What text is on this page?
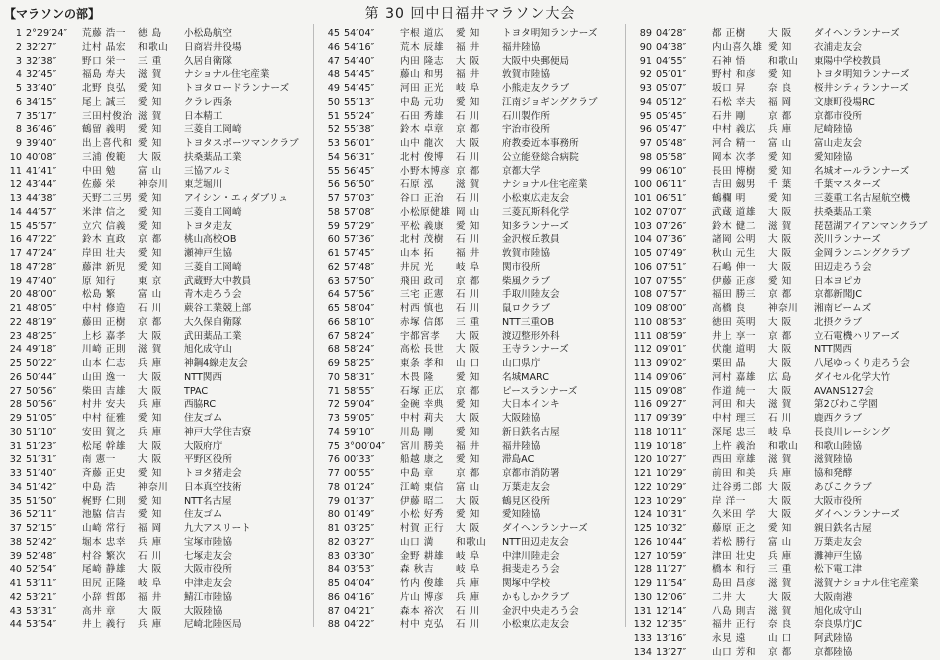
第 30 回中日福井マラソン大会
【マラソンの部】
1 2°29′24″	荒藤 浩一	徳 島	小松島航空
2 32′27″	辻村 晶宏	和歌山	日商岩井役場
3 32′38″	野口 栄一	三 重	久居自衛隊
4 32′45″	福島 寿夫	滋 賀	ナショナル住宅産業
5 33′40″	北野 良弘	愛 知	トヨタロードランナーズ
6 34′15″	尾上 誠三	愛 知	クラレ西条
7 35′17″	三田村俊治 滋 賀	日本精工
8 36′46″	鶴留 義明	愛 知	三菱自工岡崎
9 39′40″	出上喜代和 愛 知	トヨタスポーツマンクラブ
10 40′08″	三浦 俊範	大 阪	扶桑薬品工業
11 41′41″	中田 勉	富 山	三協アルミ
12 43′44″	佐藤 栄	神奈川	東芝堀川
13 44′38″	天野二三男 愛 知	アイシン・エィダブリュ
14 44′57″	米津 信之	愛 知	三菱自工岡崎
15 45′57″	立穴 信義	愛 知	トヨタ走友
16 47′22″	鈴木 直政	京 都	桃山高校OB
17 47′24″	岸田 壮夫	愛 知	瀬神戸生協
18 47′28″	藤津 新児	愛 知	三菱自工岡崎
19 47′40″	原 知行	東 京	武蔵野大中教員
20 48′00″	松島 繁	富 山	青木走ろう会
21 48′05″	中村 修造	石 川	蕨谷工業競上部
22 48′19″	藤田 正樹	京 都	大久保自衛隊
23 48′25″	上杉 嘉孝	大 阪	武田薬品工業
24 49′18″	川崎 正則	滋 賀	旭化成守山
25 50′22″	山本 仁志	兵 庫	神鋼4線走友会
26 50′44″	山田 逸一	大 阪	NTT関西
27 50′56″	柴田 吉雄	大 阪	TPAC
28 50′56″	村井 安夫	兵 庫	西脇RC
29 51′05″	中村 征雅	愛 知	住友ゴム
30 51′10″	安田 賀之	兵 庫	神戸大学住吉寮
31 51′23″	松尾 幹雄	大 阪	大阪府庁
32 51′31″	南 憲一	大 阪	平野区役所
33 51′40″	斉藤 正史	愛 知	トヨタ猪走会
34 51′42″	中島 浩	神奈川	日本真空技術
35 51′50″	梶野 仁則	愛 知	NTT名古屋
36 52′11″	池脇 信吉	愛 知	住友ゴム
37 52′15″	山崎 常行	福 岡	九大アスリート
38 52′42″	堀本 忠幸	兵 庫	宝塚市陸協
39 52′48″	村谷 繁次	石 川	七塚走友会
40 52′54″	尾崎 静雄	大 阪	大阪市役所
41 53′11″	田尻 正隆	岐 阜	中津走友会
42 53′21″	小辞 哲郎	福 井	鯖江市陸協
43 53′31″	高井 章	大 阪	大阪陸協
44 53′54″	井上 義行	兵 庫	尼崎北陸医局
45 54′04″	宇根 道広	愛 知	トヨタ明知ランナーズ
46 54′16″	荒木 辰雄	福 井	福井陸協
47 54′40″	内田 隆志	大 阪	大阪中央郵便局
48 54′45″	藤山 和男	福 井	敦賀市陸協
49 54′45″	河田 正光	岐 阜	小熊走友クラブ
50 55′13″	中島 元功	愛 知	江南ジョギングクラブ
51 55′24″	石田 秀雄	石 川	石川製作所
52 55′38″	鈴木 卓章	京 都	宇治市役所
53 56′01″	山中 龍次	大 阪	府教委近本事務所
54 56′31″	北村 俊博	石 川	公立能登総合病院
55 56′45″	小野木博彦 京 都	京都大学
56 56′50″	石原 泓	滋 賀	ナショナル住宅産業
57 57′03″	谷口 正治	石 川	小松東広走友会
58 57′08″	小松原健雄 岡 山	三菱瓦斯科化学
59 57′29″	平松 義康	愛 知	知多ランナーズ
60 57′36″	北村 茂樹	石 川	金沢桜丘教員
61 57′45″	山本 拓	福 井	敦賀市陸協
62 57′48″	井尻 光	岐 阜	関市役所
63 57′50″	飛田 政司	京 都	柴風クラブ
64 57′56″	三宅 正憲	石 川	手取川陸友会
65 58′04″	村西 慎也	石 川	鼠ロクラブ
66 58′10″	赤塚 信郎	三 重	NTT三重OB
67 58′24″	宇都宮孝	大 阪	渡辺整形外科
68 58′24″	高松 長世	大 阪	王寺ランナーズ
69 58′25″	東条 孝和	山 口	山口県庁
70 58′31″	木畏 隆	愛 知	名城MARC
71 58′55″	石塚 正広	京 都	ピースランナーズ
72 59′04″	金碗 幸典	愛 知	大日本インキ
73 59′05″	中村 莉夫	大 阪	大阪陸協
74 59′10″	川島 剛	愛 知	新日鉄名古屋
75 3°00′04″	宮川 勝美	福 井	福井陸協
76 00′33″	船越 康之	愛 知	滞島AC
77 00′55″	中島 章	京 都	京都市消防署
78 01′24″	江崎 東信	富 山	万葉走友会
79 01′37″	伊藤 昭二	大 阪	鶴見区役所
80 01′49″	小松 好秀	愛 知	愛知陸協
81 03′25″	村賀 正行	大 阪	ダイヘンランナーズ
82 03′27″	山口 満	和歌山	NTT田辺走友会
83 03′30″	金野 耕雄	岐 阜	中津川陸走会
84 03′53″	森 秋吉	岐 阜	揖斐走ろう会
85 04′04″	竹内 俊雄	兵 庫	関塚中学校
86 04′16″	片山 博彦	兵 庫	かもしかクラブ
87 04′21″	森本 裕次	石 川	金沢中央走ろう会
88 04′22″	村中 克弘	石 川	小松東広走友会
89 04′28″	都 正樹	大 阪	ダイヘンランナーズ
90 04′38″	内山喜久雄 愛 知	衣浦走友会
91 04′55″	石神 悟	和歌山	東陽中学校教員
92 05′01″	野村 和彦	愛 知	トヨタ明知ランナーズ
93 05′07″	坂口 昇	奈 良	桜井シティランナーズ
94 05′12″	石松 幸夫	福 岡	文康町役場RC
95 05′45″	石井 剛	京 都	京都市役所
96 05′47″	中村 義広	兵 庫	尼崎陸協
97 05′48″	河合 精一	富 山	富山走友会
98 05′58″	岡本 次孝	愛 知	愛知陸協
99 06′10″	長田 博樹	愛 知	名城オールランナーズ
100 06′11″	吉田 劔男	千 葉	千葉マスターズ
101 06′51″	鶴欄 明	愛 知	三菱重工名古屋航空機
102 07′07″	武蔵 道雄	大 阪	扶桑薬品工業
103 07′26″	鈴木 健二	滋 賀	琵琶湖アイアンマンクラブ
104 07′36″	諸岡 公明	大 阪	茨川ランナーズ
105 07′49″	秋山 元生	大 阪	金岡ランニングクラブ
106 07′51″	石嶋 伸一	大 阪	田辺走ろう会
107 07′55″	伊藤 正彦	愛 知	日本ヨピカ
108 07′57″	福田 勝三	京 都	京都新聞JC
109 08′00″	高橋 良	神奈川	湘南ビームズ
110 08′53″	徳田 英明	大 阪	北摂クラブ
111 08′59″	井上 享一	京 都	立石電機ハリアーズ
112 09′01″	伏龍 道明	大 阪	NTT関西
113 09′02″	栗田 晶	大 阪	八尾ゆっくり走ろう会
114 09′06″	河村 嘉雄	広 島	ダイセル化学大竹
115 09′08″	作道 純一	大 阪	AVANS127会
116 09′27″	河田 和夫	滋 賀	第2びわこ学園
117 09′39″	中村 理三	石 川	鹿西クラブ
118 10′11″	深尾 忠三	岐 阜	長良川レーシング
119 10′18″	上杵 義治	和歌山	和歌山陸協
120 10′27″	西田 章雄	滋 賀	滋賀陸協
121 10′29″	前田 和美	兵 庫	協和発酵
122 10′29″	辻谷勇二郎 大 阪	あびこクラブ
123 10′29″	岸 洋一	大 阪	大阪市役所
124 10′31″	久米田 学	大 阪	ダイヘンランナーズ
125 10′32″	藤原 正之	愛 知	親日鉄名古屋
126 10′44″	若松 勝行	富 山	万葉走友会
127 10′59″	津田 壮史	兵 庫	灘神戸生協
128 11′27″	橋本 和行	三 重	松下電工津
129 11′54″	島田 昌彦	滋 賀	滋賀ナショナル住宅産業
130 12′06″	二井 大	大 阪	大阪南港
131 12′14″	八島 則吉	滋 賀	旭化成守山
132 12′35″	福井 正行	奈 良	奈良県庁JC
133 13′16″	永見 遠	山 口	阿武陸協
134 13′27″	山口 芳和	京 都	京都陸協
